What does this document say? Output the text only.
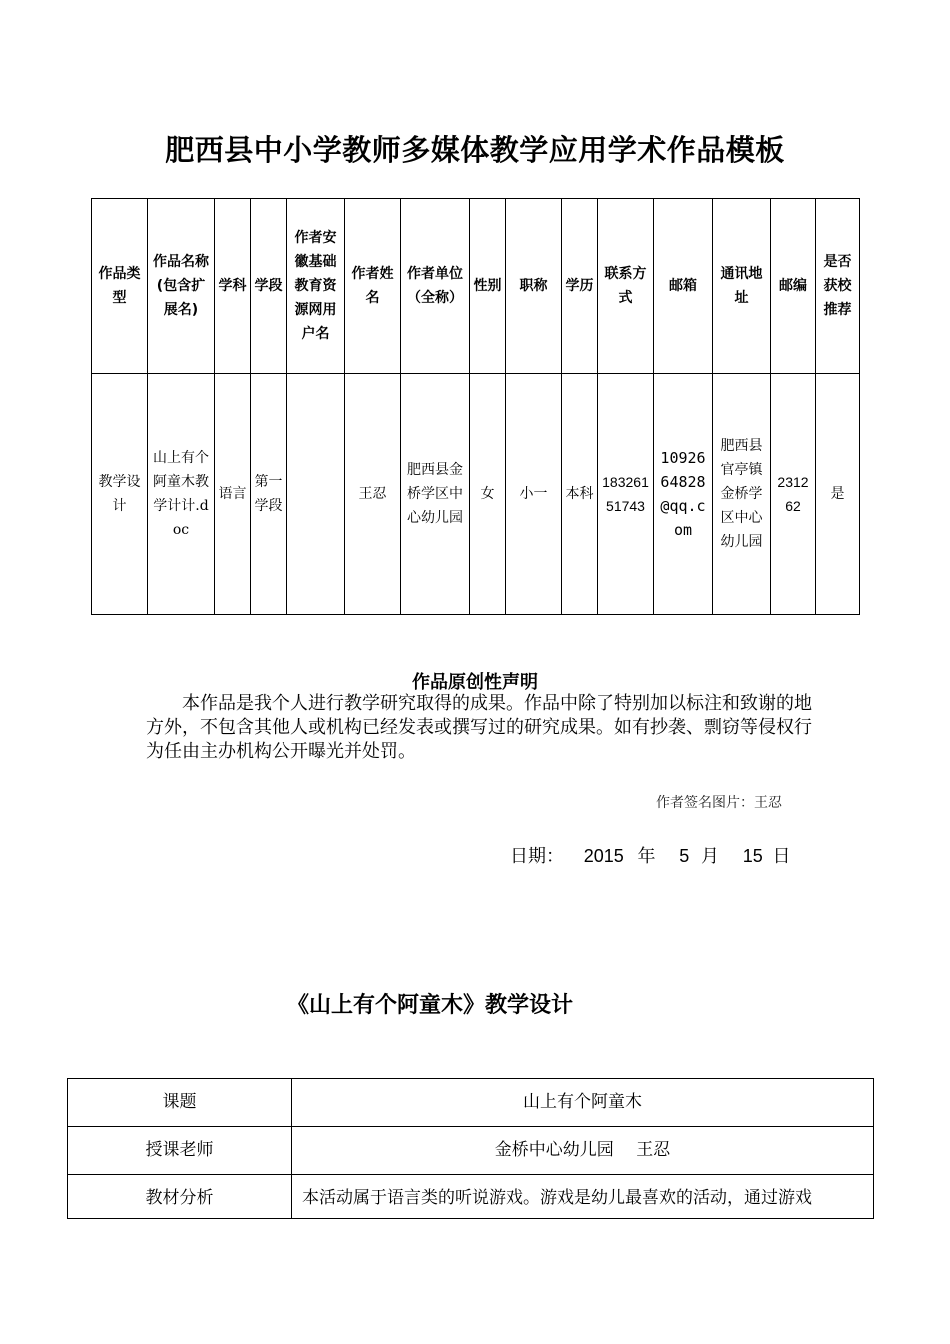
肥西县中小学教师多媒体教学应用学术作品模板
作品类型	作品名称(包含扩展名)	学科	学段	作者安徽基础教育资源网用户名	作者姓名	作者单位（全称）	性别	职称	学历	联系方式	邮箱	通讯地址	邮编	是否获校推荐
教学设计	山上有个阿童木教学计计.doc	语言	第一学段		王忍	肥西县金桥学区中心幼儿园	女	小一	本科	18326151743	109266482​8@qq.com	肥西县官亭镇金桥学区中心幼儿园	231262	是
作品原创性声明
本作品是我个人进行教学研究取得的成果。作品中除了特别加以标注和致谢的地方外，不包含其他人或机构已经发表或撰写过的研究成果。如有抄袭、剽窃等侵权行为任由主办机构公开曝光并处罚。
作者签名图片：王忍
日期： 2015 年 5 月 15 日
《山上有个阿童木》教学设计
课题	山上有个阿童木
授课老师	金桥中心幼儿园　 王忍
教材分析	本活动属于语言类的听说游戏。游戏是幼儿最喜欢的活动，通过游戏
